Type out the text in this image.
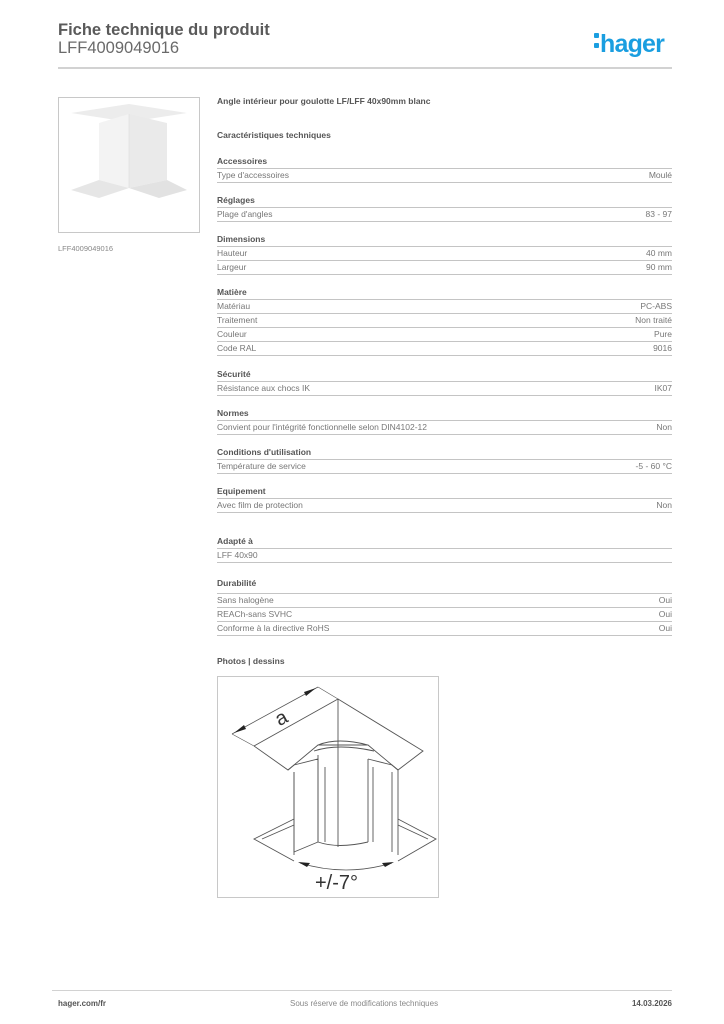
Fiche technique du produit
LFF4009049016	hager
LFF4009049016
Angle intérieur pour goulotte LF/LFF 40x90mm blanc
Caractéristiques techniques
Accessoires
Type d'accessoires	Moulé
Réglages
Plage d'angles	83 - 97
Dimensions
Hauteur	40 mm
Largeur	90 mm
Matière
Matériau	PC-ABS
Traitement	Non traité
Couleur	Pure
Code RAL	9016
Sécurité
Résistance aux chocs IK	IK07
Normes
Convient pour l'intégrité fonctionnelle selon DIN4102-12	Non
Conditions d'utilisation
Température de service	-5 - 60 °C
Equipement
Avec film de protection	Non
Adapté à
LFF 40x90
Durabilité
Sans halogène	Oui
REACh-sans SVHC	Oui
Conforme à la directive RoHS	Oui
Photos | dessins
a
+/-7°
hager.com/fr	Sous réserve de modifications techniques	14.03.2026
